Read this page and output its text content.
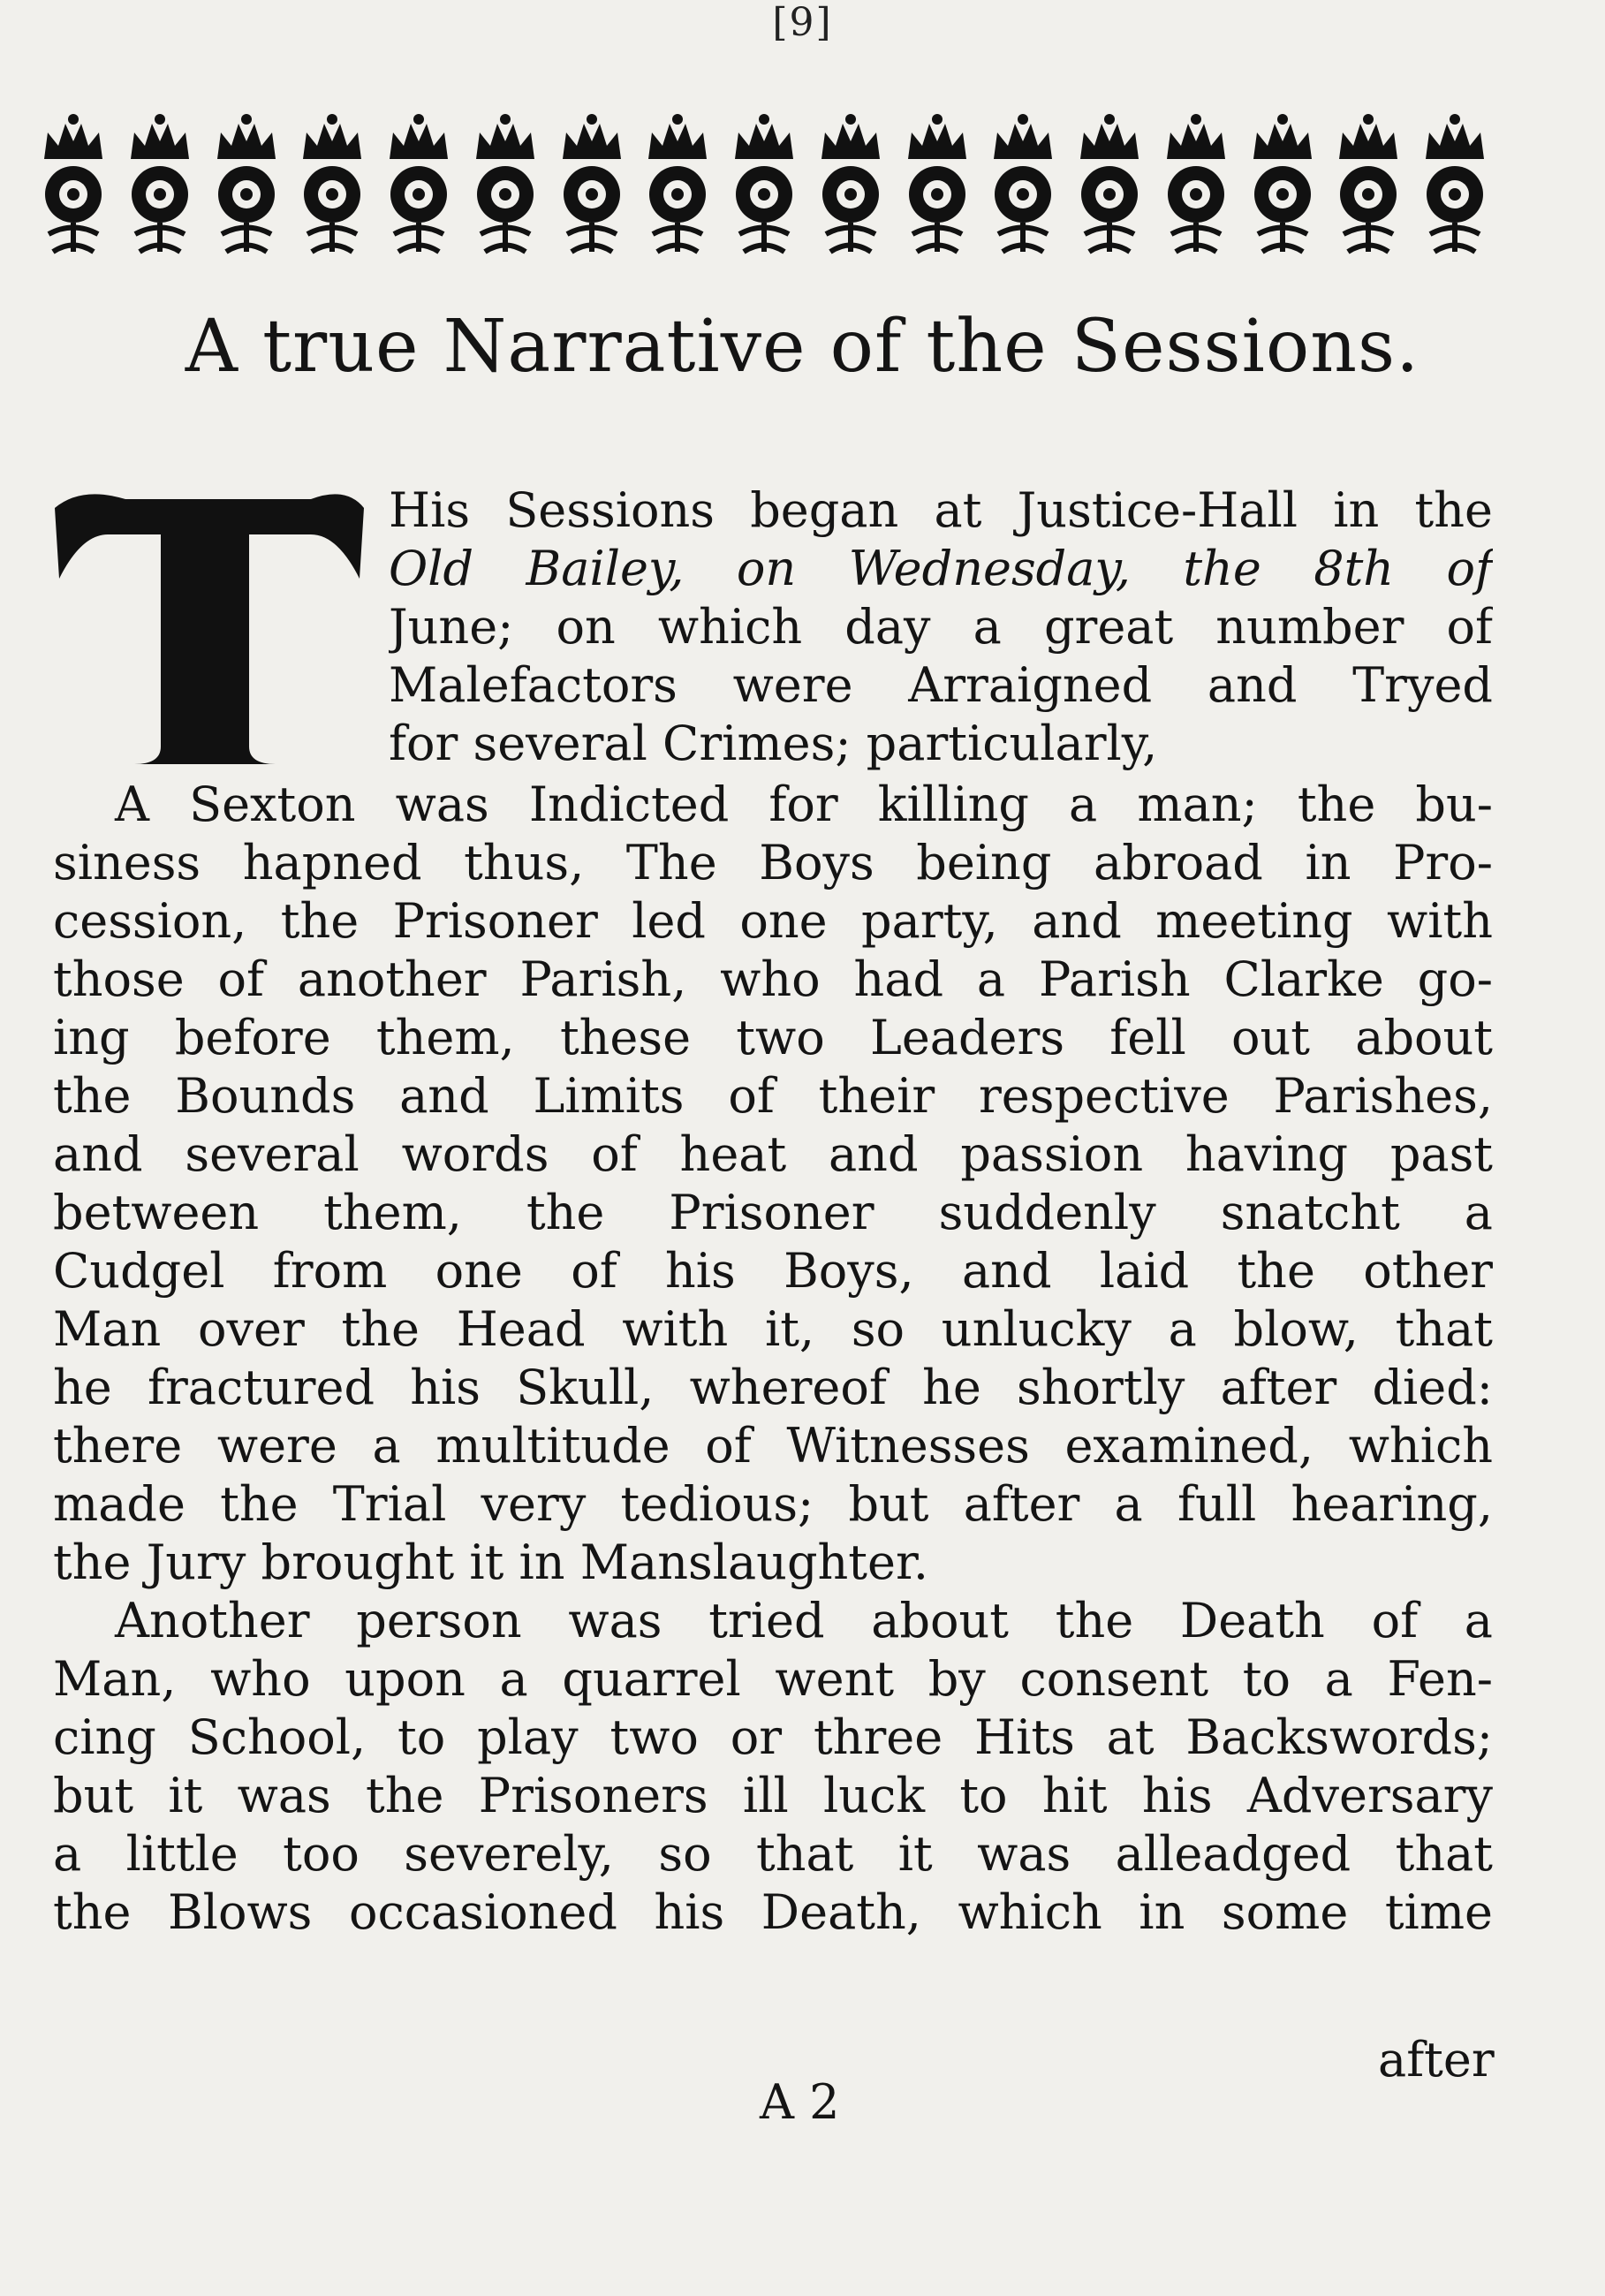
[9]
A true Narrative of the Sessions.
T
His Sessions began at Justice-Hall in the
Old Bailey, on Wednesday, the 8th of
June; on which day a great number of
Malefactors were Arraigned and Tryed
for several Crimes; particularly,
A Sexton was Indicted for killing a man; the bu-
siness hapned thus, The Boys being abroad in Pro-
cession, the Prisoner led one party, and meeting with
those of another Parish, who had a Parish Clarke go-
ing before them, these two Leaders fell out about
the Bounds and Limits of their respective Parishes,
and several words of heat and passion having past
between them, the Prisoner suddenly snatcht a
Cudgel from one of his Boys, and laid the other
Man over the Head with it, so unlucky a blow, that
he fractured his Skull, whereof he shortly after died:
there were a multitude of Witnesses examined, which
made the Trial very tedious; but after a full hearing,
the Jury brought it in Manslaughter.
Another person was tried about the Death of a
Man, who upon a quarrel went by consent to a Fen-
cing School, to play two or three Hits at Backswords;
but it was the Prisoners ill luck to hit his Adversary
a little too severely, so that it was alleadged that
the Blows occasioned his Death, which in some time
after
A 2
